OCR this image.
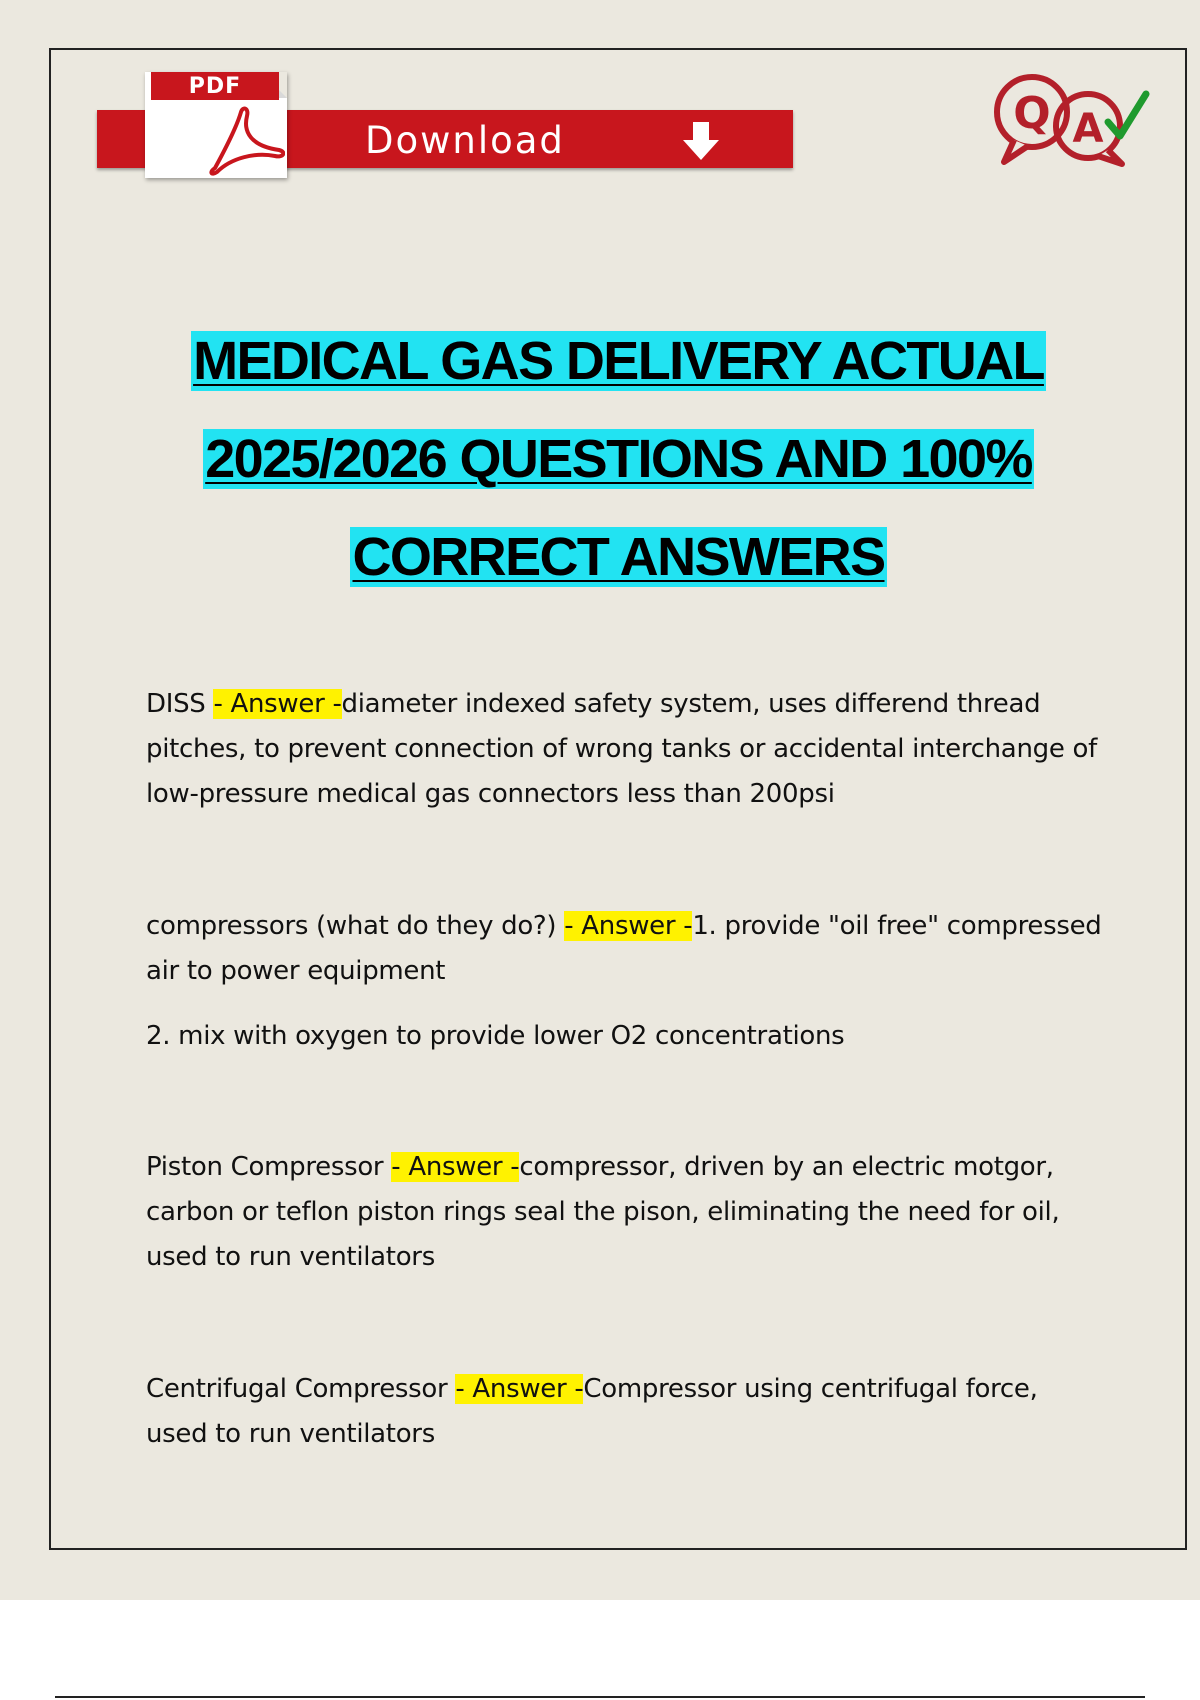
PDF
Download
Q A
MEDICAL GAS DELIVERY ACTUAL
2025/2026 QUESTIONS AND 100%
CORRECT ANSWERS
DISS - Answer -diameter indexed safety system, uses differend thread pitches, to prevent connection of wrong tanks or accidental interchange of low-pressure medical gas connectors less than 200psi
compressors (what do they do?) - Answer -1. provide "oil free" compressed air to power equipment
2. mix with oxygen to provide lower O2 concentrations
Piston Compressor - Answer -compressor, driven by an electric motgor, carbon or teflon piston rings seal the pison, eliminating the need for oil, used to run ventilators
Centrifugal Compressor - Answer -Compressor using centrifugal force, used to run ventilators
